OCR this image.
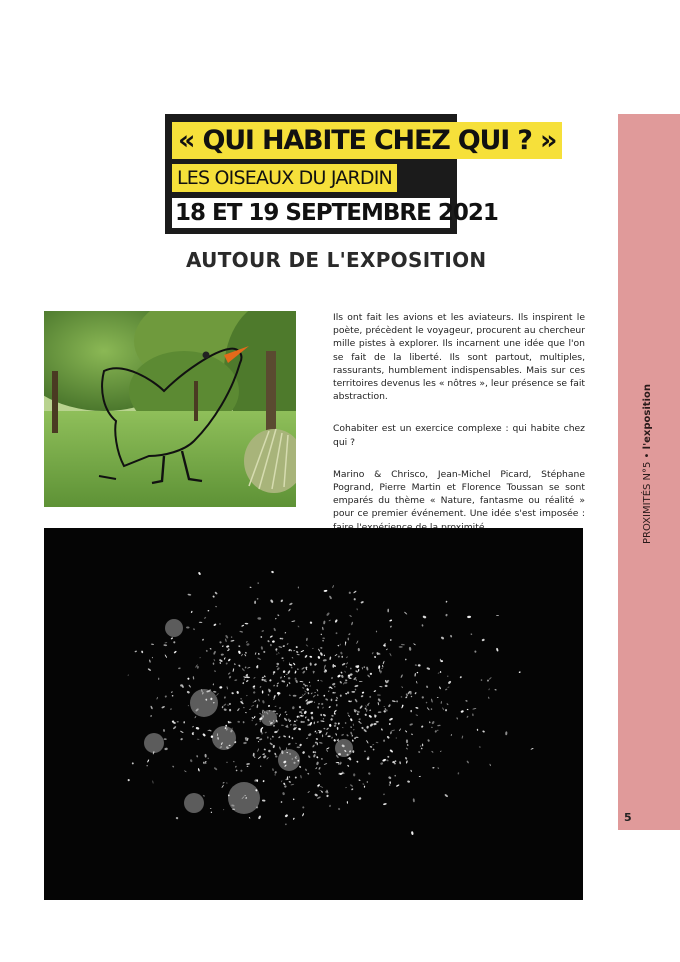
« QUI HABITE CHEZ QUI ? »
LES OISEAUX DU JARDIN
18 ET 19 SEPTEMBRE 2021
AUTOUR DE L'EXPOSITION

Ils ont fait les avions et les aviateurs. Ils inspirent le poète, précèdent le voyageur, procurent au chercheur mille pistes à explorer. Ils incarnent une idée que l'on se fait de la liberté. Ils sont partout, multiples, rassurants, humblement indispensables. Mais sur ces territoires devenus les « nôtres », leur présence se fait abstraction.

Cohabiter est un exercice complexe : qui habite chez qui ?

Marino & Chrisco, Jean-Michel Picard, Stéphane Pogrand, Pierre Martin et Florence Toussan se sont emparés du thème « Nature, fantasme ou réalité » pour ce premier événement. Une idée s'est imposée :	PROXIMITÉS N°5 • l'exposition
5
